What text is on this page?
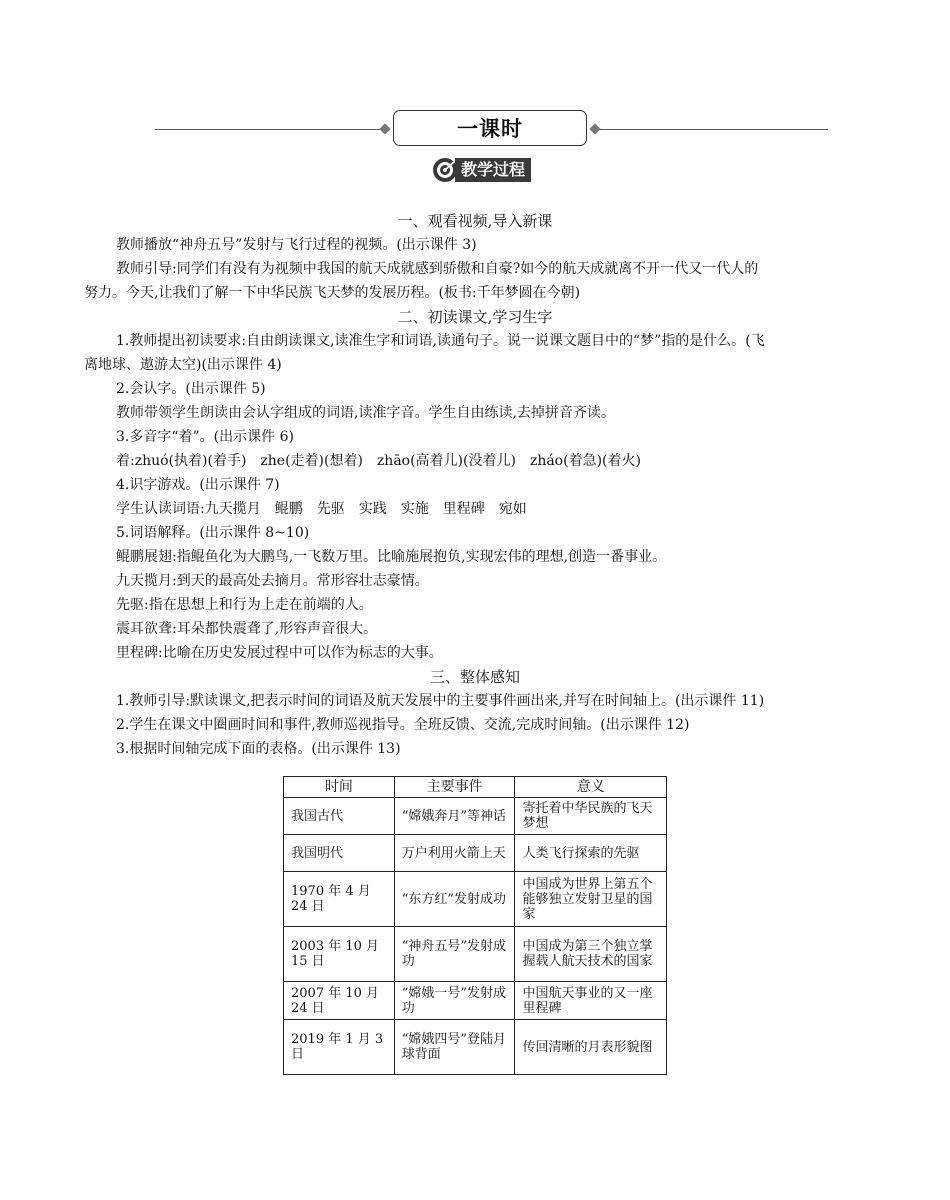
一课时
教学过程
一、观看视频,导入新课
教师播放“神舟五号”发射与飞行过程的视频。(出示课件 3)
教师引导:同学们有没有为视频中我国的航天成就感到骄傲和自豪?如今的航天成就离不开一代又一代人的
努力。今天,让我们了解一下中华民族飞天梦的发展历程。(板书:千年梦圆在今朝)
二、初读课文,学习生字
1.教师提出初读要求:自由朗读课文,读准生字和词语,读通句子。说一说课文题目中的“梦”指的是什么。(飞
离地球、遨游太空)(出示课件 4)
2.会认字。(出示课件 5)
教师带领学生朗读由会认字组成的词语,读准字音。学生自由练读,去掉拼音齐读。
3.多音字“着”。(出示课件 6)
着:zhuó(执着)(着手)　zhe(走着)(想着)　zhāo(高着儿)(没着儿)　zháo(着急)(着火)
4.识字游戏。(出示课件 7)
学生认读词语:九天揽月　鲲鹏　先驱　实践　实施　里程碑　宛如
5.词语解释。(出示课件 8~10)
鲲鹏展翅:指鲲鱼化为大鹏鸟,一飞数万里。比喻施展抱负,实现宏伟的理想,创造一番事业。
九天揽月:到天的最高处去摘月。常形容壮志豪情。
先驱:指在思想上和行为上走在前端的人。
震耳欲聋:耳朵都快震聋了,形容声音很大。
里程碑:比喻在历史发展过程中可以作为标志的大事。
三、整体感知
1.教师引导:默读课文,把表示时间的词语及航天发展中的主要事件画出来,并写在时间轴上。(出示课件 11)
2.学生在课文中圈画时间和事件,教师巡视指导。全班反馈、交流,完成时间轴。(出示课件 12)
3.根据时间轴完成下面的表格。(出示课件 13)
时间	主要事件	意义
我国古代	“嫦娥奔月”等神话	寄托着中华民族的飞天梦想
我国明代	万户利用火箭上天	人类飞行探索的先驱
1970 年 4 月 24 日	“东方红”发射成功	中国成为世界上第五个能够独立发射卫星的国家
2003 年 10 月 15 日	“神舟五号”发射成功	中国成为第三个独立掌握载人航天技术的国家
2007 年 10 月 24 日	“嫦娥一号”发射成功	中国航天事业的又一座里程碑
2019 年 1 月 3 日	“嫦娥四号”登陆月球背面	传回清晰的月表形貌图
